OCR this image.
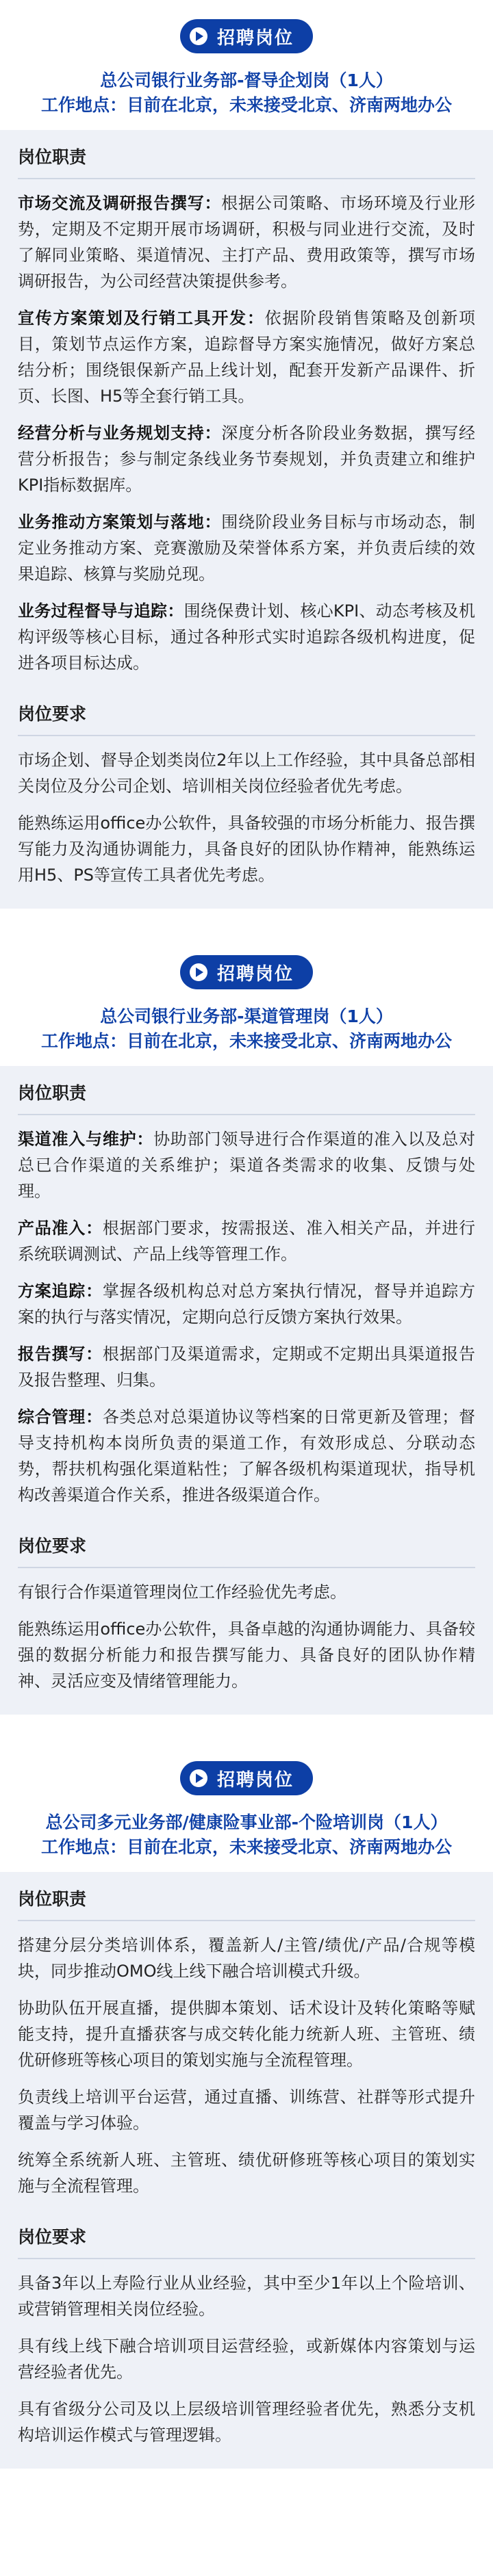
招聘岗位
总公司银行业务部-督导企划岗（1人）
工作地点：目前在北京，未来接受北京、济南两地办公
岗位职责

市场交流及调研报告撰写：根据公司策略、市场环境及行业形势，定期及不定期开展市场调研，积极与同业进行交流，及时了解同业策略、渠道情况、主打产品、费用政策等，撰写市场调研报告，为公司经营决策提供参考。

宣传方案策划及行销工具开发：依据阶段销售策略及创新项目，策划节点运作方案，追踪督导方案实施情况，做好方案总结分析；围绕银保新产品上线计划，配套开发新产品课件、折页、长图、H5等全套行销工具。

经营分析与业务规划支持：深度分析各阶段业务数据，撰写经营分析报告；参与制定条线业务节奏规划，并负责建立和维护KPI指标数据库。

业务推动方案策划与落地：围绕阶段业务目标与市场动态，制定业务推动方案、竞赛激励及荣誉体系方案，并负责后续的效果追踪、核算与奖励兑现。

业务过程督导与追踪：围绕保费计划、核心KPI、动态考核及机构评级等核心目标，通过各种形式实时追踪各级机构进度，促进各项目标达成。

岗位要求

市场企划、督导企划类岗位2年以上工作经验，其中具备总部相关岗位及分公司企划、培训相关岗位经验者优先考虑。

能熟练运用office办公软件，具备较强的市场分析能力、报告撰写能力及沟通协调能力，具备良好的团队协作精神，能熟练运用H5、PS等宣传工具者优先考虑。

招聘岗位
总公司银行业务部-渠道管理岗（1人）
工作地点：目前在北京，未来接受北京、济南两地办公
岗位职责

渠道准入与维护：协助部门领导进行合作渠道的准入以及总对总已合作渠道的关系维护；渠道各类需求的收集、反馈与处理。

产品准入：根据部门要求，按需报送、准入相关产品，并进行系统联调测试、产品上线等管理工作。

方案追踪：掌握各级机构总对总方案执行情况，督导并追踪方案的执行与落实情况，定期向总行反馈方案执行效果。

报告撰写：根据部门及渠道需求，定期或不定期出具渠道报告及报告整理、归集。

综合管理：各类总对总渠道协议等档案的日常更新及管理；督导支持机构本岗所负责的渠道工作，有效形成总、分联动态势，帮扶机构强化渠道粘性；了解各级机构渠道现状，指导机构改善渠道合作关系，推进各级渠道合作。

岗位要求

有银行合作渠道管理岗位工作经验优先考虑。

能熟练运用office办公软件，具备卓越的沟通协调能力、具备较强的数据分析能力和报告撰写能力、具备良好的团队协作精神、灵活应变及情绪管理能力。

招聘岗位
总公司多元业务部/健康险事业部-个险培训岗（1人）
工作地点：目前在北京，未来接受北京、济南两地办公
岗位职责

搭建分层分类培训体系，覆盖新人/主管/绩优/产品/合规等模块，同步推动OMO线上线下融合培训模式升级。

协助队伍开展直播，提供脚本策划、话术设计及转化策略等赋能支持，提升直播获客与成交转化能力统新人班、主管班、绩优研修班等核心项目的策划实施与全流程管理。

负责线上培训平台运营，通过直播、训练营、社群等形式提升覆盖与学习体验。

统筹全系统新人班、主管班、绩优研修班等核心项目的策划实施与全流程管理。

岗位要求

具备3年以上寿险行业从业经验，其中至少1年以上个险培训、或营销管理相关岗位经验。

具有线上线下融合培训项目运营经验，或新媒体内容策划与运营经验者优先。

具有省级分公司及以上层级培训管理经验者优先，熟悉分支机构培训运作模式与管理逻辑。
